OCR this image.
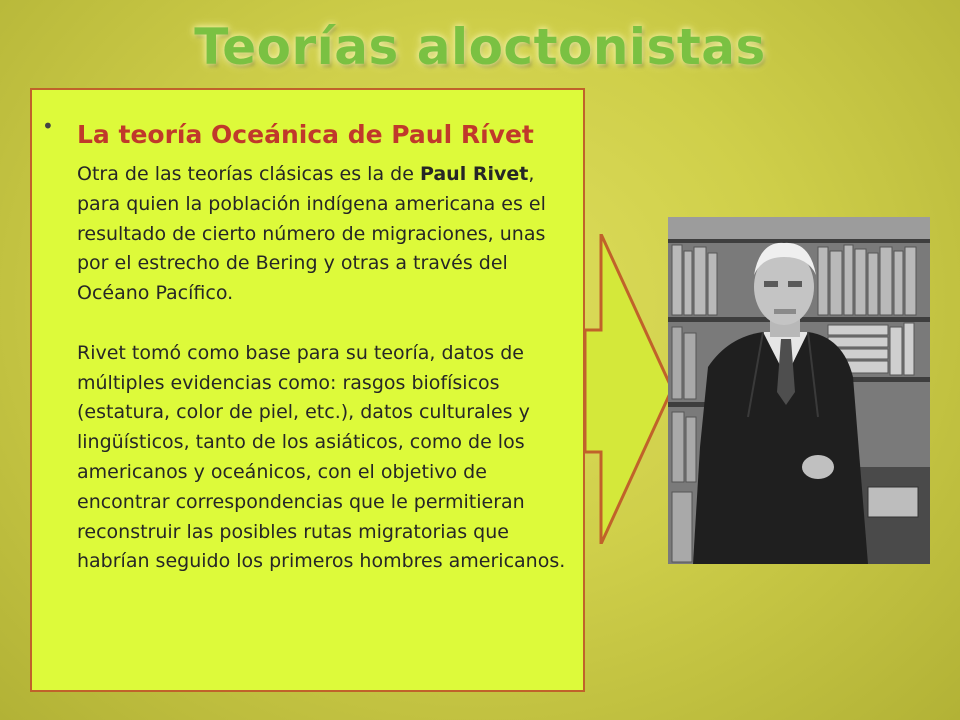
Teorías aloctonistas
• La teoría Oceánica de Paul Rívet

Otra de las teorías clásicas es la de Paul Rivet, para quien la población indígena americana es el resultado de cierto número de migraciones, unas por el estrecho de Bering y otras a través del Océano Pacífico.

Rivet tomó como base para su teoría, datos de múltiples evidencias como: rasgos biofísicos (estatura, color de piel, etc.), datos culturales y lingüísticos, tanto de los asiáticos, como de los americanos y oceánicos, con el objetivo de encontrar correspondencias que le permitieran reconstruir las posibles rutas migratorias que habrían seguido los primeros hombres americanos.
